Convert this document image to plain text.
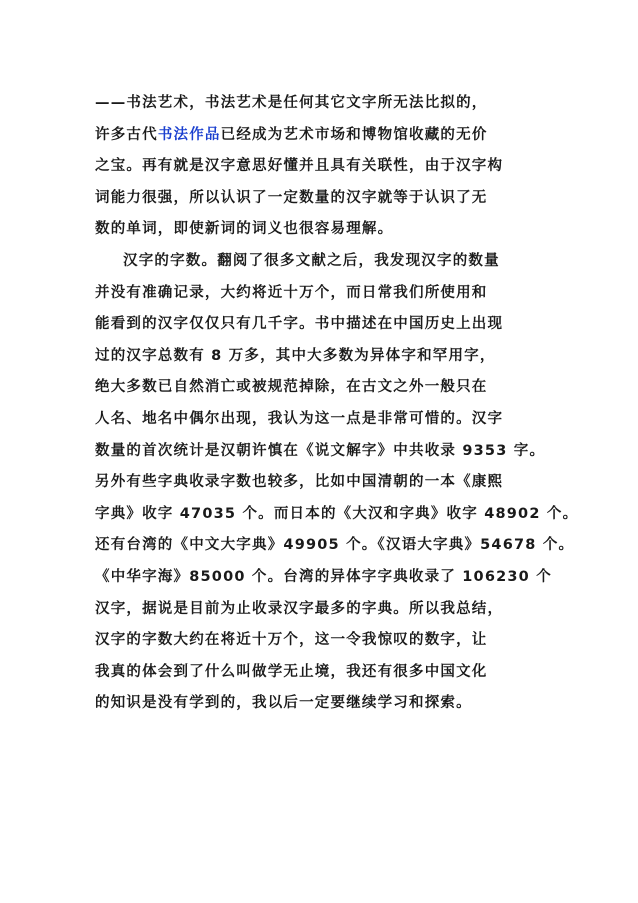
——书法艺术，书法艺术是任何其它文字所无法比拟的，
许多古代书法作品已经成为艺术市场和博物馆收藏的无价
之宝。再有就是汉字意思好懂并且具有关联性，由于汉字构
词能力很强，所以认识了一定数量的汉字就等于认识了无
数的单词，即使新词的词义也很容易理解。
汉字的字数。翻阅了很多文献之后，我发现汉字的数量
并没有准确记录，大约将近十万个，而日常我们所使用和
能看到的汉字仅仅只有几千字。书中描述在中国历史上出现
过的汉字总数有 8 万多，其中大多数为异体字和罕用字，
绝大多数已自然消亡或被规范掉除，在古文之外一般只在
人名、地名中偶尔出现，我认为这一点是非常可惜的。汉字
数量的首次统计是汉朝许慎在《说文解字》中共收录 9353 字。
另外有些字典收录字数也较多，比如中国清朝的一本《康熙
字典》收字 47035 个。而日本的《大汉和字典》收字 48902 个。
还有台湾的《中文大字典》49905 个。《汉语大字典》54678 个。
《中华字海》85000 个。台湾的异体字字典收录了 106230 个
汉字，据说是目前为止收录汉字最多的字典。所以我总结，
汉字的字数大约在将近十万个，这一令我惊叹的数字，让
我真的体会到了什么叫做学无止境，我还有很多中国文化
的知识是没有学到的，我以后一定要继续学习和探索。
